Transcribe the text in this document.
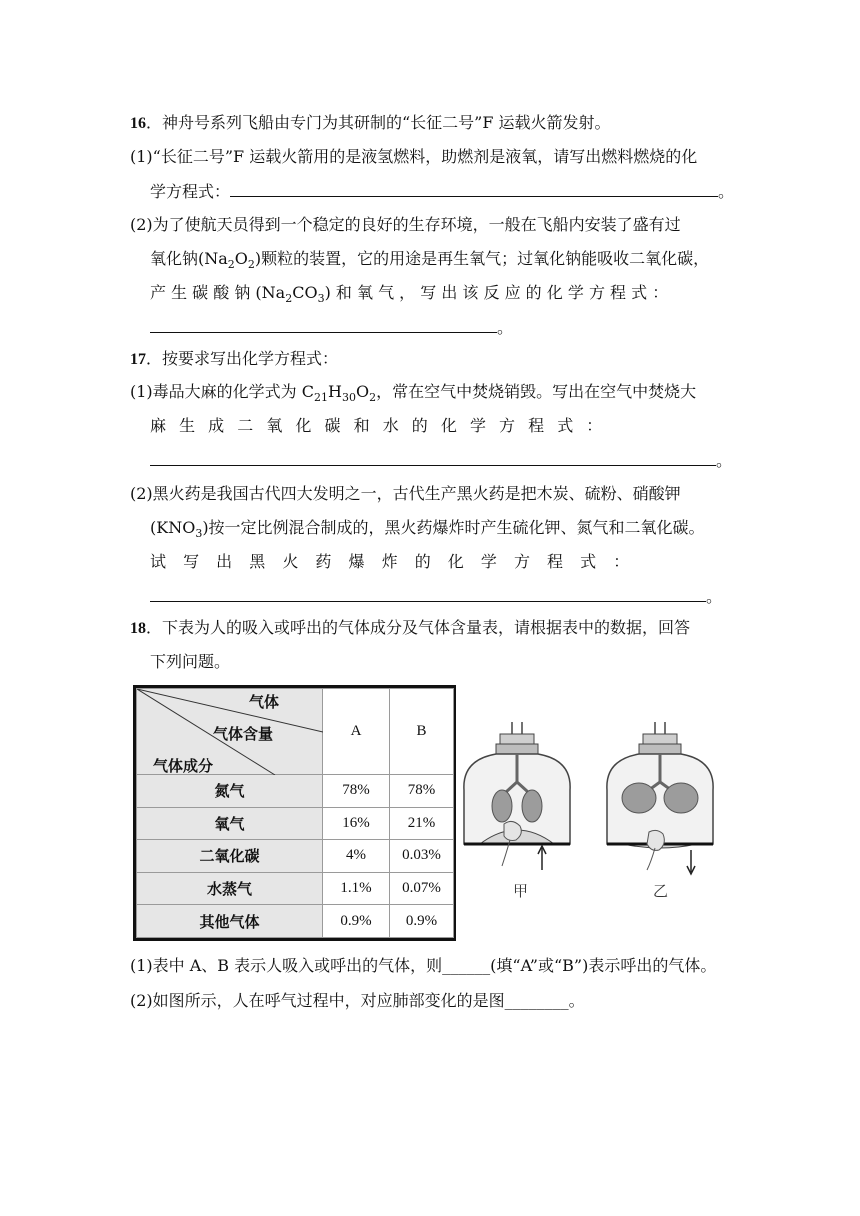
16．神舟号系列飞船由专门为其研制的“长征二号”F 运载火箭发射。
(1)“长征二号”F 运载火箭用的是液氢燃料，助燃剂是液氧，请写出燃料燃烧的化
学方程式：	。
(2)为了使航天员得到一个稳定的良好的生存环境，一般在飞船内安装了盛有过
氧化钠$(Na_2O_2)$颗粒的装置，它的用途是再生氧气；过氧化钠能吸收二氧化碳，
产 生 碳 酸 钠 $(Na_2CO_3)$ 和 氧 气 ， 写 出 该 反 应 的 化 学 方 程 式 ：
。
17．按要求写出化学方程式：
(1)毒品大麻的化学式为 $C_{21}H_{30}O_2$，常在空气中焚烧销毁。写出在空气中焚烧大
麻 生 成 二 氧 化 碳 和 水 的 化 学 方 程 式 ：
。
(2)黑火药是我国古代四大发明之一，古代生产黑火药是把木炭、硫粉、硝酸钾
$(KNO_3)$按一定比例混合制成的，黑火药爆炸时产生硫化钾、氮气和二氧化碳。
试 写 出 黑 火 药 爆 炸 的 化 学 方 程 式 ：
。
18．下表为人的吸入或呼出的气体成分及气体含量表，请根据表中的数据，回答
下列问题。
气体
气体含量
气体成分	A	B
氮气	78%	78%
氧气	16%	21%
二氧化碳	4%	0.03%
水蒸气	1.1%	0.07%
其他气体	0.9%	0.9%
甲	乙
(1)表中 A、B 表示人吸入或呼出的气体，则______(填“A”或“B”)表示呼出的气体。
(2)如图所示，人在呼气过程中，对应肺部变化的是图________。
